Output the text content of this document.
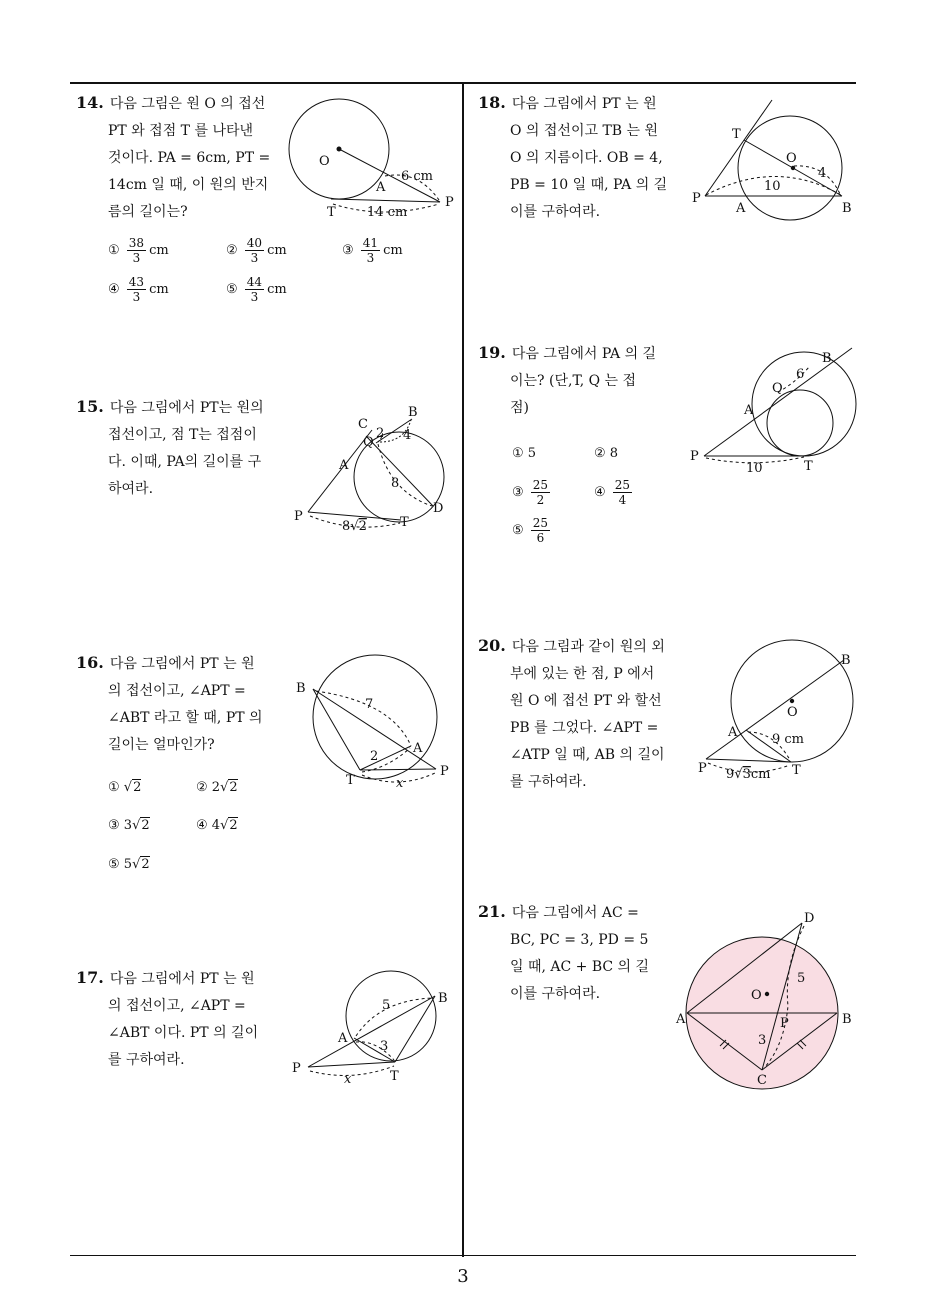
14. 다음 그림은 원 O 의 접선
PT 와 접점 T 를 나타낸
것이다. PA = 6cm, PT =
14cm 일 때, 이 원의 반지
름의 길이는?
O
A
T
P
6 cm
14 cm
① $\frac{38}{3}$ cm	② $\frac{40}{3}$ cm	③ $\frac{41}{3}$ cm
④ $\frac{43}{3}$ cm	⑤ $\frac{44}{3}$ cm
15. 다음 그림에서 PT는 원의
접선이고, 점 T는 접점이
다. 이때, PA의 길이를 구
하여라.
C
B
Q
A
D
P	T
2 4
8
8√2
16. 다음 그림에서 PT 는 원
의 접선이고, ∠APT =
∠ABT 라고 할 때, PT 의
길이는 얼마인가?
B
A
T
P
7
2
x
① √2	② 2√2
③ 3√2	④ 4√2
⑤ 5√2
17. 다음 그림에서 PT 는 원
의 접선이고, ∠APT =
∠ABT 이다. PT 의 길이
를 구하여라.
A
B
P
T
5
3
x
18. 다음 그림에서 PT 는 원
O 의 접선이고 TB 는 원
O 의 지름이다. OB = 4,
PB = 10 일 때, PA 의 길
이를 구하여라.
T
O
P
A	B
4
10
19. 다음 그림에서 PA 의 길
이는? (단,T, Q 는 접
점)
B
Q
A
P
T
6
10
① 5	② 8
③ $\frac{25}{2}$	④ $\frac{25}{4}$
⑤ $\frac{25}{6}$
20. 다음 그림과 같이 원의 외
부에 있는 한 점, P 에서
원 O 에 접선 PT 와 할선
PB 를 그었다. ∠APT =
∠ATP 일 때, AB 의 길이
를 구하여라.
B
O
A
P	T
9 cm
9√3cm
21. 다음 그림에서 AC =
BC, PC = 3, PD = 5
일 때, AC + BC 의 길
이를 구하여라.
D
O
A	B
P
C
3
5
3
